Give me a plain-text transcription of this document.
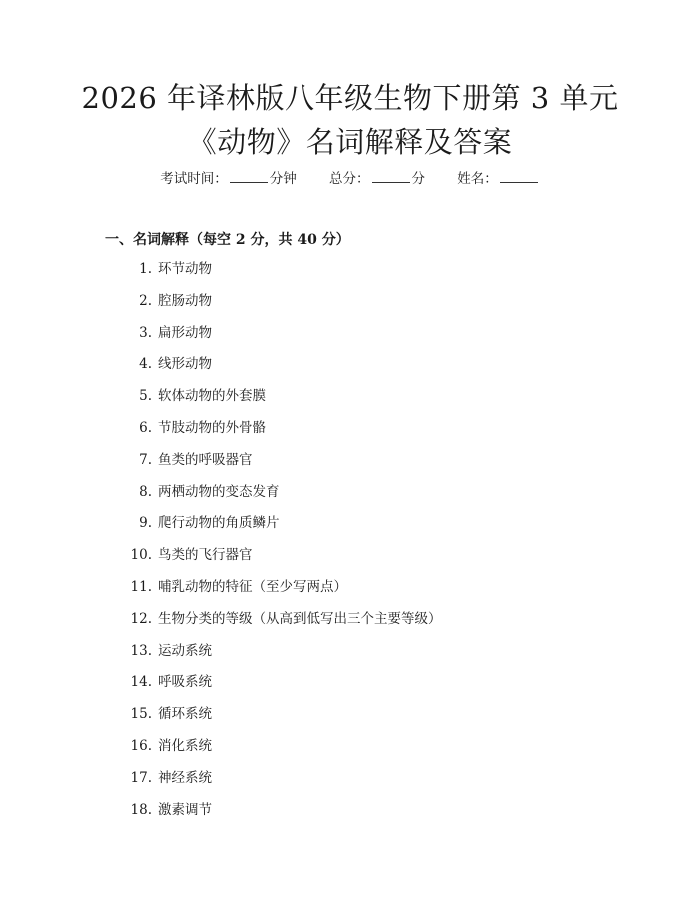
2026 年译林版八年级生物下册第 3 单元《动物》名词解释及答案
考试时间：	分钟 总分：	分 姓名：
一、名词解释（每空 2 分，共 40 分）
1. 环节动物
2. 腔肠动物
3. 扁形动物
4. 线形动物
5. 软体动物的外套膜
6. 节肢动物的外骨骼
7. 鱼类的呼吸器官
8. 两栖动物的变态发育
9. 爬行动物的角质鳞片
10. 鸟类的飞行器官
11. 哺乳动物的特征（至少写两点）
12. 生物分类的等级（从高到低写出三个主要等级）
13. 运动系统
14. 呼吸系统
15. 循环系统
16. 消化系统
17. 神经系统
18. 激素调节
